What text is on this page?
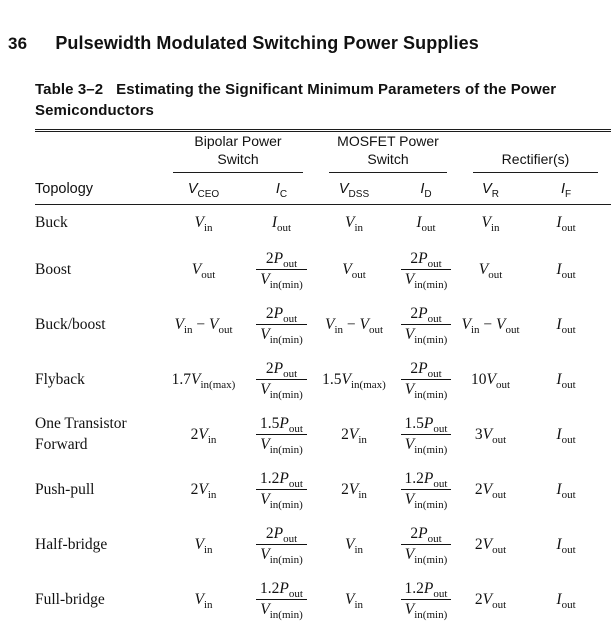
36 Pulsewidth Modulated Switching Power Supplies

Table 3–2 Estimating the Significant Minimum Parameters of the Power Semiconductors

	Bipolar Power
Switch		MOSFET Power
Switch		Rectifier(s)	

Topology	$V_{CEO}$	$I_C$	$V_{DSS}$	$I_D$	$V_R$	$I_F$
Buck	$V_{in}$	$I_{out}$	$V_{in}$	$I_{out}$	$V_{in}$	$I_{out}$
Boost	$V_{out}$	$\frac{2P_{out}}{V_{in(min)}}$	$V_{out}$	$\frac{2P_{out}}{V_{in(min)}}$	$V_{out}$	$I_{out}$
Buck/boost	$V_{in} - V_{out}$	$\frac{2P_{out}}{V_{in(min)}}$	$V_{in} - V_{out}$	$\frac{2P_{out}}{V_{in(min)}}$	$V_{in} - V_{out}$	$I_{out}$
Flyback	$1.7V_{in(max)}$	$\frac{2P_{out}}{V_{in(min)}}$	$1.5V_{in(max)}$	$\frac{2P_{out}}{V_{in(min)}}$	$10V_{out}$	$I_{out}$
One Transistor Forward	$2V_{in}$	$\frac{1.5P_{out}}{V_{in(min)}}$	$2V_{in}$	$\frac{1.5P_{out}}{V_{in(min)}}$	$3V_{out}$	$I_{out}$
Push-pull	$2V_{in}$	$\frac{1.2P_{out}}{V_{in(min)}}$	$2V_{in}$	$\frac{1.2P_{out}}{V_{in(min)}}$	$2V_{out}$	$I_{out}$
Half-bridge	$V_{in}$	$\frac{2P_{out}}{V_{in(min)}}$	$V_{in}$	$\frac{2P_{out}}{V_{in(min)}}$	$2V_{out}$	$I_{out}$
Full-bridge	$V_{in}$	$\frac{1.2P_{out}}{V_{in(min)}}$	$V_{in}$	$\frac{1.2P_{out}}{V_{in(min)}}$	$2V_{out}$	$I_{out}$
